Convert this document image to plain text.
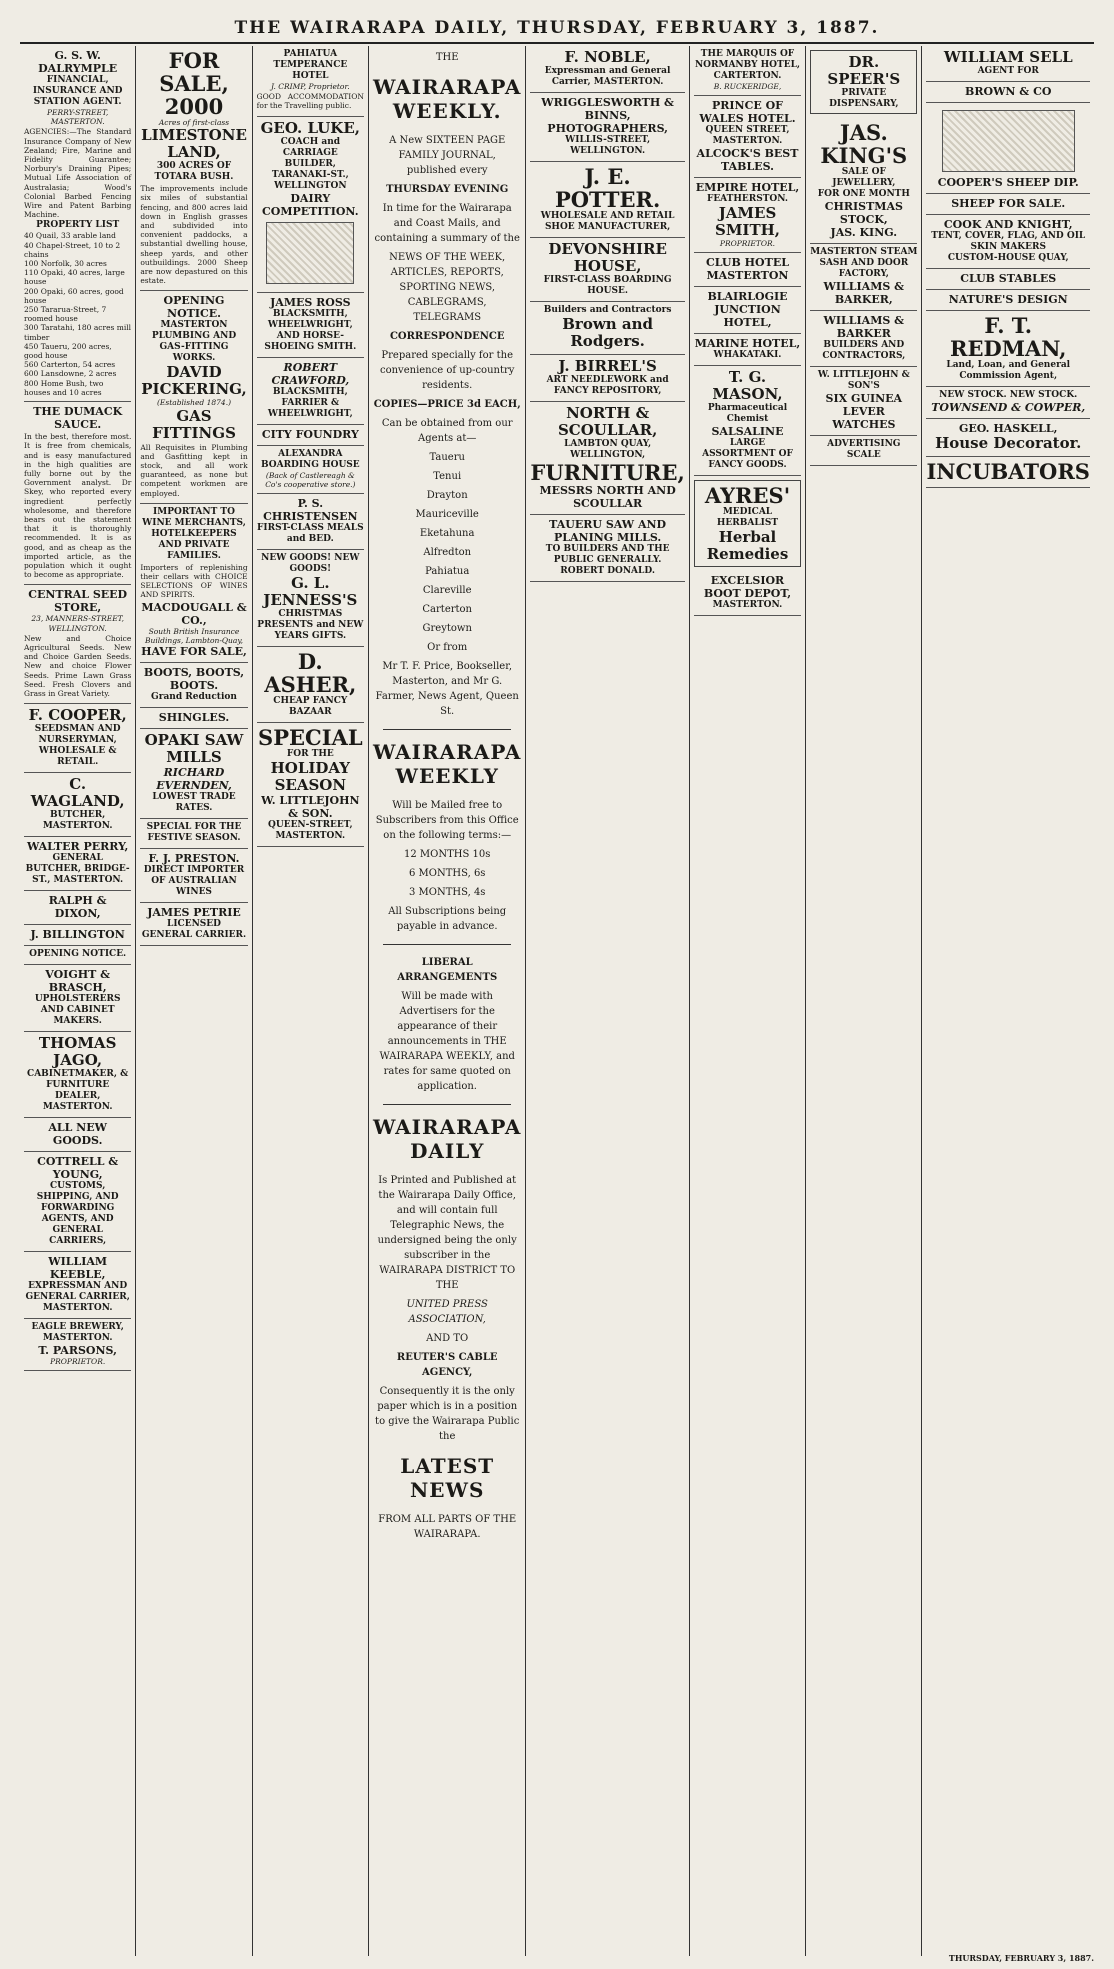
THE WAIRARAPA DAILY, THURSDAY, FEBRUARY 3, 1887.
G. S. W. DALRYMPLE
FINANCIAL, INSURANCE AND STATION AGENT.
PERRY-STREET, MASTERTON.

AGENCIES:—The Standard Insurance Company of New Zealand; Fire, Marine and Fidelity Guarantee; Norbury's Draining Pipes; Mutual Life Association of Australasia; Wood's Colonial Barbed Fencing Wire and Patent Barbing Machine.

PROPERTY LIST
40 Quail, 33 arable land
40 Chapel-Street, 10 to 2 chains
100 Norfolk, 30 acres
110 Opaki, 40 acres, large house
200 Opaki, 60 acres, good house
250 Tararua-Street, 7 roomed house
300 Taratahi, 180 acres mill timber
450 Taueru, 200 acres, good house
560 Carterton, 54 acres
600 Lansdowne, 2 acres
800 Home Bush, two houses and 10 acres
THE DUMACK SAUCE.

In the best, therefore most. It is free from chemicals, and is easy manufactured in the high qualities are fully borne out by the Government analyst. Dr Skey, who reported every ingredient perfectly wholesome, and therefore bears out the statement that it is thoroughly recommended. It is as good, and as cheap as the imported article, as the population which it ought to become as appropriate.

CENTRAL SEED STORE,
23, MANNERS-STREET, WELLINGTON.

New and Choice Agricultural Seeds. New and Choice Garden Seeds. New and choice Flower Seeds. Prime Lawn Grass Seed. Fresh Clovers and Grass in Great Variety.

F. COOPER,
SEEDSMAN AND NURSERYMAN, WHOLESALE & RETAIL.
C. WAGLAND,
BUTCHER, MASTERTON.
WALTER PERRY,
GENERAL BUTCHER, BRIDGE-ST., MASTERTON.
RALPH & DIXON,
J. BILLINGTON
OPENING NOTICE.
VOIGHT & BRASCH,
UPHOLSTERERS AND CABINET MAKERS.
THOMAS JAGO,
CABINETMAKER, & FURNITURE DEALER, MASTERTON.
ALL NEW GOODS.
COTTRELL & YOUNG,
CUSTOMS, SHIPPING, AND FORWARDING AGENTS, AND GENERAL CARRIERS,
WILLIAM KEEBLE,
EXPRESSMAN AND GENERAL CARRIER, MASTERTON.
EAGLE BREWERY, MASTERTON.
T. PARSONS,
PROPRIETOR.
FOR SALE,
2000
Acres of first-class
LIMESTONE LAND,
300 ACRES OF TOTARA BUSH.

The improvements include six miles of substantial fencing, and 800 acres laid down in English grasses and subdivided into convenient paddocks, a substantial dwelling house, sheep yards, and other outbuildings. 2000 Sheep are now depastured on this estate.

OPENING NOTICE.
MASTERTON PLUMBING AND GAS-FITTING WORKS.
DAVID PICKERING,
(Established 1874.)
GAS FITTINGS

All Requisites in Plumbing and Gasfitting kept in stock, and all work guaranteed, as none but competent workmen are employed.

IMPORTANT TO WINE MERCHANTS, HOTELKEEPERS AND PRIVATE FAMILIES.

Importers of replenishing their cellars with CHOICE SELECTIONS OF WINES AND SPIRITS.

MACDOUGALL & CO.,
South British Insurance Buildings, Lambton-Quay,
HAVE FOR SALE,
BOOTS, BOOTS, BOOTS.
Grand Reduction
SHINGLES.
OPAKI SAW MILLS
RICHARD EVERNDEN,
LOWEST TRADE RATES.
SPECIAL FOR THE FESTIVE SEASON.
F. J. PRESTON.
DIRECT IMPORTER OF AUSTRALIAN WINES
JAMES PETRIE
LICENSED GENERAL CARRIER.
PAHIATUA TEMPERANCE HOTEL
J. CRIMP, Proprietor.

GOOD ACCOMMODATION for the Travelling public.

GEO. LUKE,
COACH and CARRIAGE BUILDER, TARANAKI-ST., WELLINGTON
DAIRY COMPETITION.
JAMES ROSS
BLACKSMITH, WHEELWRIGHT, AND HORSE-SHOEING SMITH.
ROBERT CRAWFORD,
BLACKSMITH, FARRIER & WHEELWRIGHT,
CITY FOUNDRY
ALEXANDRA BOARDING HOUSE
(Back of Castlereagh & Co's cooperative store.)
P. S. CHRISTENSEN
FIRST-CLASS MEALS and BED.
NEW GOODS! NEW GOODS!
G. L. JENNESS'S
CHRISTMAS PRESENTS and NEW YEARS GIFTS.
D. ASHER,
CHEAP FANCY BAZAAR
SPECIAL
FOR THE
HOLIDAY SEASON
W. LITTLEJOHN & SON.
QUEEN-STREET, MASTERTON.
THE
WAIRARAPA WEEKLY.
A New SIXTEEN PAGE FAMILY JOURNAL, published every
THURSDAY EVENING
In time for the Wairarapa and Coast Mails, and containing a summary of the
NEWS OF THE WEEK, ARTICLES, REPORTS, SPORTING NEWS, CABLEGRAMS, TELEGRAMS
CORRESPONDENCE
Prepared specially for the convenience of up-country residents.
COPIES—PRICE 3d EACH,
Can be obtained from our Agents at—
Taueru
Tenui
Drayton
Mauriceville
Eketahuna
Alfredton
Pahiatua
Clareville
Carterton
Greytown
Or from
Mr T. F. Price, Bookseller, Masterton, and Mr G. Farmer, News Agent, Queen St.
WAIRARAPA WEEKLY
Will be Mailed free to Subscribers from this Office on the following terms:—
12 MONTHS 10s
6 MONTHS, 6s
3 MONTHS, 4s
All Subscriptions being payable in advance.
LIBERAL ARRANGEMENTS
Will be made with Advertisers for the appearance of their announcements in THE WAIRARAPA WEEKLY, and rates for same quoted on application.
WAIRARAPA DAILY
Is Printed and Published at the Wairarapa Daily Office, and will contain full Telegraphic News, the undersigned being the only subscriber in the WAIRARAPA DISTRICT TO THE
UNITED PRESS ASSOCIATION,
AND TO
REUTER'S CABLE AGENCY,
Consequently it is the only paper which is in a position to give the Wairarapa Public the
LATEST NEWS
FROM ALL PARTS OF THE WAIRARAPA.
F. NOBLE,
Expressman and General Carrier, MASTERTON.
WRIGGLESWORTH & BINNS, PHOTOGRAPHERS,
WILLIS-STREET, WELLINGTON.
J. E. POTTER.
WHOLESALE AND RETAIL SHOE MANUFACTURER,
DEVONSHIRE HOUSE,
FIRST-CLASS BOARDING HOUSE.
Builders and Contractors
Brown and Rodgers.
J. BIRREL'S
ART NEEDLEWORK and FANCY REPOSITORY,
NORTH & SCOULLAR,
LAMBTON QUAY, WELLINGTON,
FURNITURE,
MESSRS NORTH AND SCOULLAR
TAUERU SAW AND PLANING MILLS.
TO BUILDERS AND THE PUBLIC GENERALLY.
ROBERT DONALD.
THE MARQUIS OF NORMANBY HOTEL, CARTERTON.
B. RUCKERIDGE,
PRINCE OF WALES HOTEL.
QUEEN STREET, MASTERTON.
ALCOCK'S BEST TABLES.
EMPIRE HOTEL,
FEATHERSTON.
JAMES SMITH,
PROPRIETOR.
CLUB HOTEL MASTERTON
BLAIRLOGIE JUNCTION HOTEL,
MARINE HOTEL,
WHAKATAKI.
T. G. MASON,
Pharmaceutical Chemist
SALSALINE
LARGE ASSORTMENT OF FANCY GOODS.
AYRES'
MEDICAL HERBALIST
Herbal Remedies
EXCELSIOR BOOT DEPOT,
MASTERTON.
DR. SPEER'S
PRIVATE DISPENSARY,
JAS. KING'S
SALE OF JEWELLERY,
FOR ONE MONTH
CHRISTMAS STOCK,
JAS. KING.
MASTERTON STEAM SASH AND DOOR FACTORY,
WILLIAMS & BARKER,
WILLIAMS & BARKER
BUILDERS AND CONTRACTORS,
W. LITTLEJOHN & SON'S
SIX GUINEA LEVER WATCHES
ADVERTISING SCALE
WILLIAM SELL
AGENT FOR
BROWN & CO
COOPER'S SHEEP DIP.
SHEEP FOR SALE.
COOK AND KNIGHT,
TENT, COVER, FLAG, AND OIL SKIN MAKERS
CUSTOM-HOUSE QUAY,
CLUB STABLES
NATURE'S DESIGN
F. T. REDMAN,
Land, Loan, and General Commission Agent,
NEW STOCK. NEW STOCK.
TOWNSEND & COWPER,
GEO. HASKELL,
House Decorator.
INCUBATORS
THURSDAY, FEBRUARY 3, 1887.
